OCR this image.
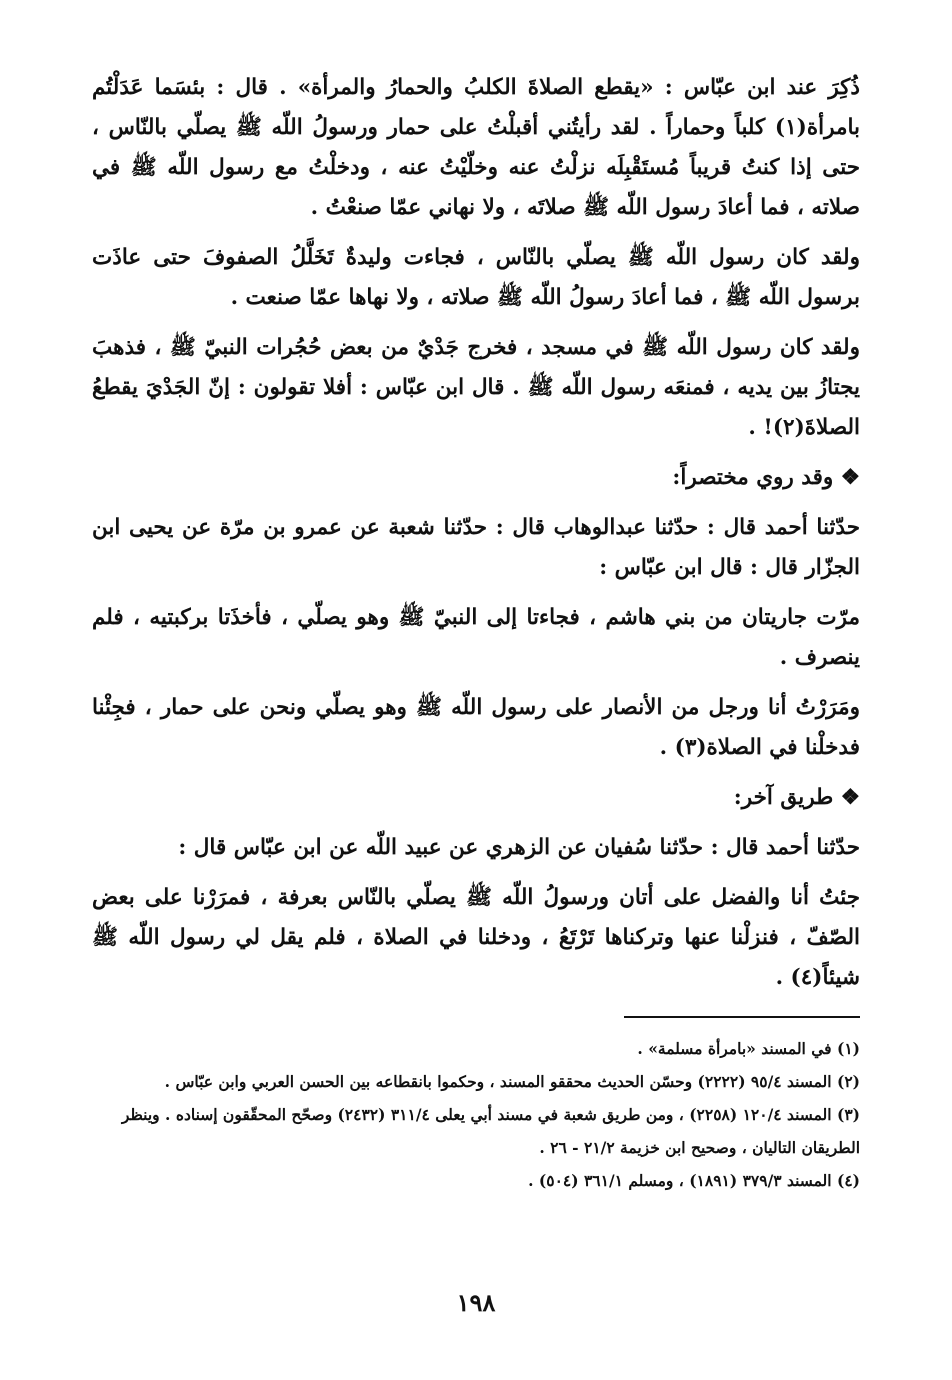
ذُكِرَ عند ابن عبّاس : «يقطع الصلاةَ الكلبُ والحمارُ والمرأة» . قال : بئسَما عَدَلْتُم بامرأة(١) كلباً وحماراً . لقد رأيتُني أقبلْتُ على حمار ورسولُ اللّه ﷺ يصلّي بالنّاس ، حتى إذا كنتُ قريباً مُستَقْبِلَه نزلْتُ عنه وخلّيْتُ عنه ، ودخلْتُ مع رسول اللّه ﷺ في صلاته ، فما أعادَ رسول اللّه ﷺ صلاتَه ، ولا نهاني عمّا صنعْتُ .

ولقد كان رسول اللّه ﷺ يصلّي بالنّاس ، فجاءت وليدةٌ تَخَلَّلُ الصفوفَ حتى عاذَت برسول اللّه ﷺ ، فما أعادَ رسولُ اللّه ﷺ صلاته ، ولا نهاها عمّا صنعت .

ولقد كان رسول اللّه ﷺ في مسجد ، فخرج جَدْيٌ من بعض حُجُرات النبيّ ﷺ ، فذهبَ يجتازُ بين يديه ، فمنعَه رسول اللّه ﷺ . قال ابن عبّاس : أفلا تقولون : إنّ الجَدْيَ يقطعُ الصلاةَ(٢)! .

❖ وقد روي مختصراً:

حدّثنا أحمد قال : حدّثنا عبدالوهاب قال : حدّثنا شعبة عن عمرو بن مرّة عن يحيى ابن الجزّار قال : قال ابن عبّاس :

مرّت جاريتان من بني هاشم ، فجاءتا إلى النبيّ ﷺ وهو يصلّي ، فأخذَتا بركبتيه ، فلم ينصرف .

ومَرَرْتُ أنا ورجل من الأنصار على رسول اللّه ﷺ وهو يصلّي ونحن على حمار ، فجِئْنا فدخلْنا في الصلاة(٣) .

❖ طريق آخر:

حدّثنا أحمد قال : حدّثنا سُفيان عن الزهري عن عبيد اللّه عن ابن عبّاس قال :

جئتُ أنا والفضل على أتان ورسولُ اللّه ﷺ يصلّي بالنّاس بعرفة ، فمرَرْنا على بعض الصّفّ ، فنزلْنا عنها وتركناها تَرْتَعُ ، ودخلنا في الصلاة ، فلم يقل لي رسول اللّه ﷺ شيئاً(٤) .

(١) في المسند «بامرأة مسلمة» .

(٢) المسند ٩٥/٤ (٢٢٢٢) وحسّن الحديث محققو المسند ، وحكموا بانقطاعه بين الحسن العربي وابن عبّاس .

(٣) المسند ١٢٠/٤ (٢٢٥٨) ، ومن طريق شعبة في مسند أبي يعلى ٣١١/٤ (٢٤٣٢) وصحّح المحقّقون إسناده . وينظر الطريقان التاليان ، وصحيح ابن خزيمة ٢١/٢ - ٢٦ .

(٤) المسند ٣٧٩/٣ (١٨٩١) ، ومسلم ٣٦١/١ (٥٠٤) .

١٩٨
